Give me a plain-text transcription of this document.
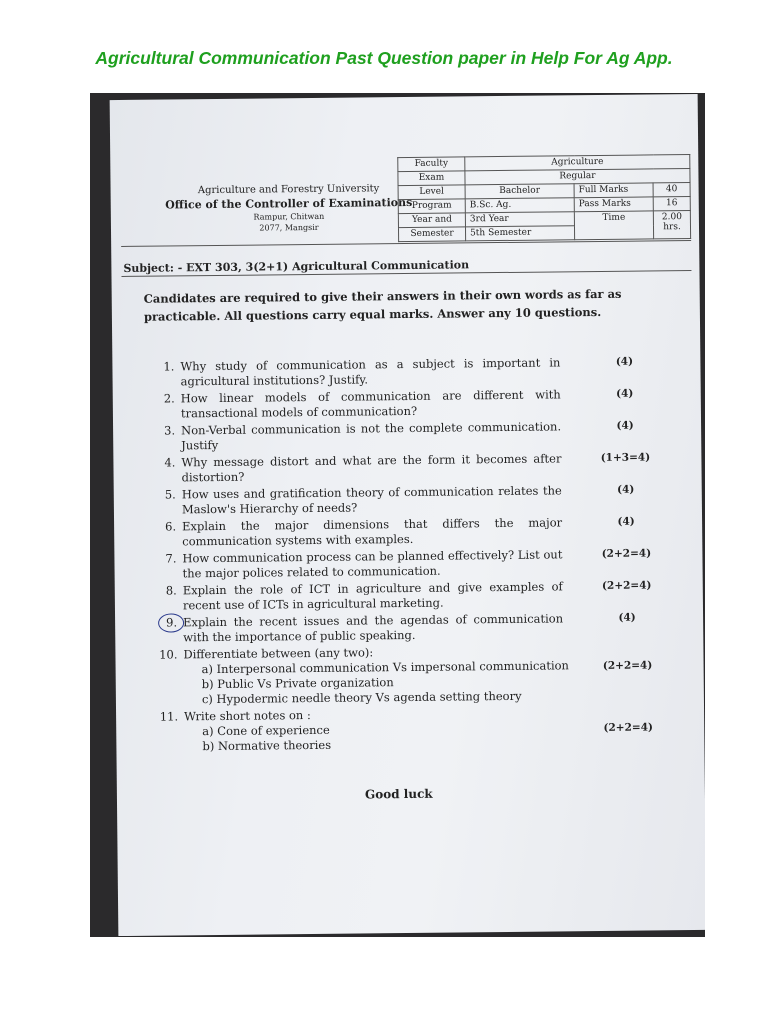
Agricultural Communication Past Question paper in Help For Ag App.
Agriculture and Forestry University
Office of the Controller of Examinations
Rampur, Chitwan
2077, Mangsir
Faculty	Agriculture		
Exam	Regular		
Level	Bachelor	Full Marks	40
Program	B.Sc. Ag.	Pass Marks	16
Year and	3rd Year	Time	2.00 hrs.
Semester	5th Semester		
Subject: - EXT 303, 3(2+1) Agricultural Communication
Candidates are required to give their answers in their own words as far as practicable. All questions carry equal marks. Answer any 10 questions.
1. Why study of communication as a subject is important in agricultural institutions? Justify.
(4)
2. How linear models of communication are different with transactional models of communication?
(4)
3. Non-Verbal communication is not the complete communication. Justify
(4)
4. Why message distort and what are the form it becomes after distortion?
(1+3=4)
5. How uses and gratification theory of communication relates the Maslow's Hierarchy of needs?
(4)
6. Explain the major dimensions that differs the major communication systems with examples.
(4)
7. How communication process can be planned effectively? List out the major polices related to communication.
(2+2=4)
8. Explain the role of ICT in agriculture and give examples of recent use of ICTs in agricultural marketing.
(2+2=4)
9. Explain the recent issues and the agendas of communication with the importance of public speaking.
(4)
10. Differentiate between (any two):
(2+2=4)
a) Interpersonal communication Vs impersonal communication
b) Public Vs Private organization
c) Hypodermic needle theory Vs agenda setting theory
11. Write short notes on :
(2+2=4)
a) Cone of experience
b) Normative theories
Good luck
